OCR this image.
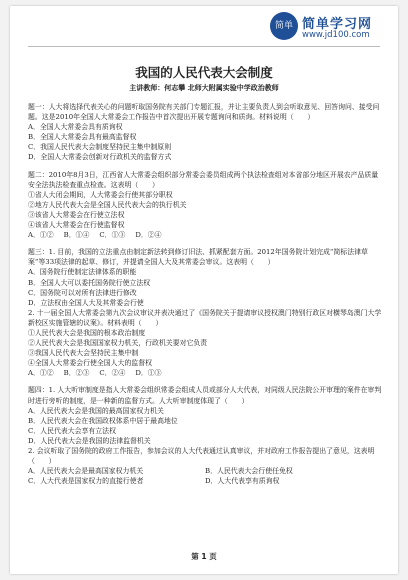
简单 简单学习网
www.jd100.com
我国的人民代表大会制度
主讲教师：何志攀 北师大附属实验中学政治教师

题一：人大将选择代表关心的问题听取国务院有关部门专题汇报，并让主要负责人到会听取意见、回答询问、接受问题。这是2010年全国人大常委会工作报告中首次提出开展专题询问和质询。材料说明（　　）

A．全国人大常委会具有质询权

B．全国人大常委会具有最高监督权

C．我国人民代表大会制度坚持民主集中制原则

D．全国人大常委会创新对行政机关的监督方式

题二：2010年8月3日，江西省人大常委会组织部分常委会委员组成两个执法检查组对本省部分地区开展农产品质量安全法执法检查重点检查。这表明（　　）

①省人大闭会期间，人大常委会行使其部分职权

②地方人民代表大会是全国人民代表大会的执行机关

③该省人大常委会在行使立法权

④该省人大常委会在行使监督权

A．①② B．①④ C．①③ D．②④

题三：1. 目前，我国的立法重点由制定新法转到修订旧法、抓紧配套方面。2012年国务院计划完成“简标法律草案”等33项法律的起草、修订，并提请全国人大及其常委会审议。这表明（　　）

A．国务院行使制定法律体系的职能

B．全国人大可以委托国务院行使立法权

C．国务院可以对所有法律进行修改

D．立法权由全国人大及其常委会行使

2. 十一届全国人大常委会第九次会议审议并表决通过了《国务院关于提请审议授权澳门特别行政区对横琴岛澳门大学新校区实施管辖的议案》。材料表明（　　）

①人民代表大会是我国的根本政治制度

②人民代表大会是我国国家权力机关，行政机关要对它负责

③我国人民代表大会坚持民主集中制

④全国人大常委会行使全国人大的监督权

A．①② B．②③ C．②④ D．①③

题四：1. 人大听审制度是指人大常委会组织常委会组成人员或部分人大代表，对同级人民法院公开审理的案件在审判时进行旁听的制度，是一种新的监督方式。人大听审制度体现了（　　）

A．人民代表大会是我国的最高国家权力机关

B．人民代表大会在我国政权体系中居于最高地位

C．人民代表大会享有立法权

D．人民代表大会是我国的法律监督机关

2. 会议听取了国务院的政府工作报告，参加会议的人大代表通过认真审议，并对政府工作报告提出了意见，这表明（　　）

A．人民代表大会是最高国家权力机关	B．人民代表大会行使任免权
C．人大代表是国家权力的直接行使者	D．人大代表享有质询权
第 1 页
